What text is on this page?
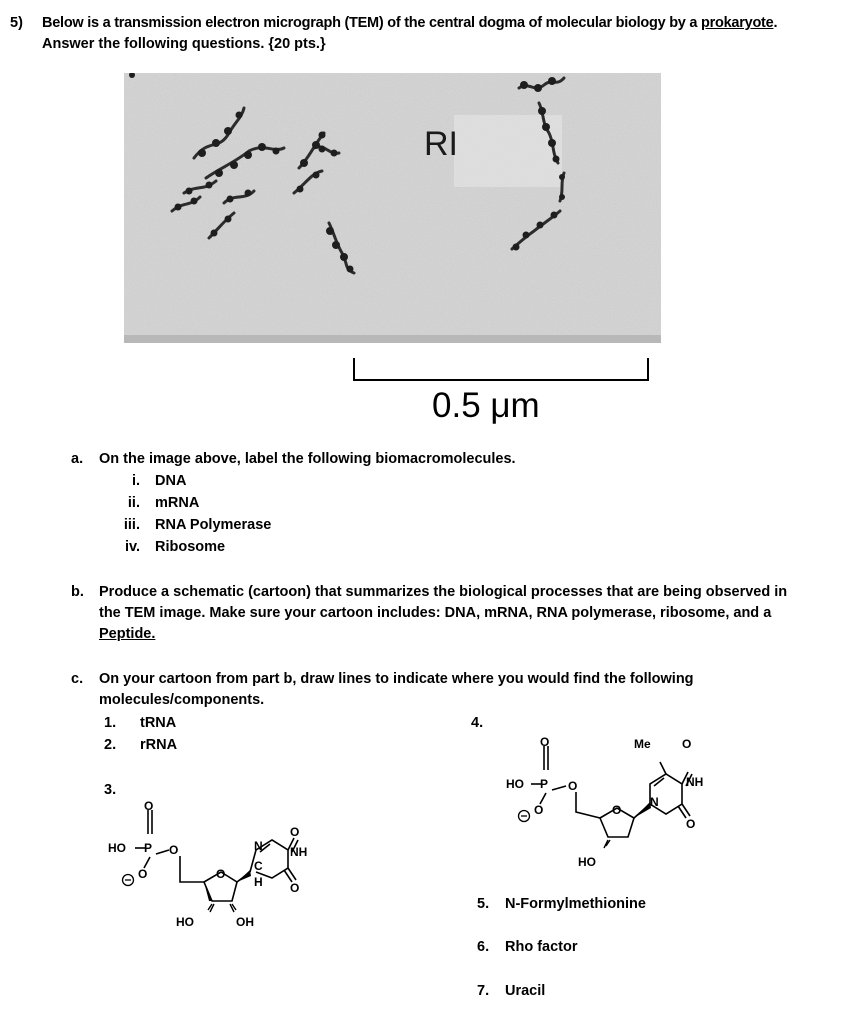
5) Below is a transmission electron micrograph (TEM) of the central dogma of molecular biology by a prokaryote.
Answer the following questions. {20 pts.}
RI
0.5 μm
a. On the image above, label the following biomacromolecules.
i. DNA
ii. mRNA
iii. RNA Polymerase
iv. Ribosome
b. Produce a schematic (cartoon) that summarizes the biological processes that are being observed in
the TEM image. Make sure your cartoon includes: DNA, mRNA, RNA polymerase, ribosome, and a
Peptide.
c. On your cartoon from part b, draw lines to indicate where you would find the following
molecules/components.
1. tRNA
2. rRNA
3.
4.
HO P
O
O
O	O
N
O
NH
O
C
H
HO	OH
HO P
O
O
O	O
Me	O
NH
N
O
HO
5. N-Formylmethionine
6. Rho factor
7. Uracil
